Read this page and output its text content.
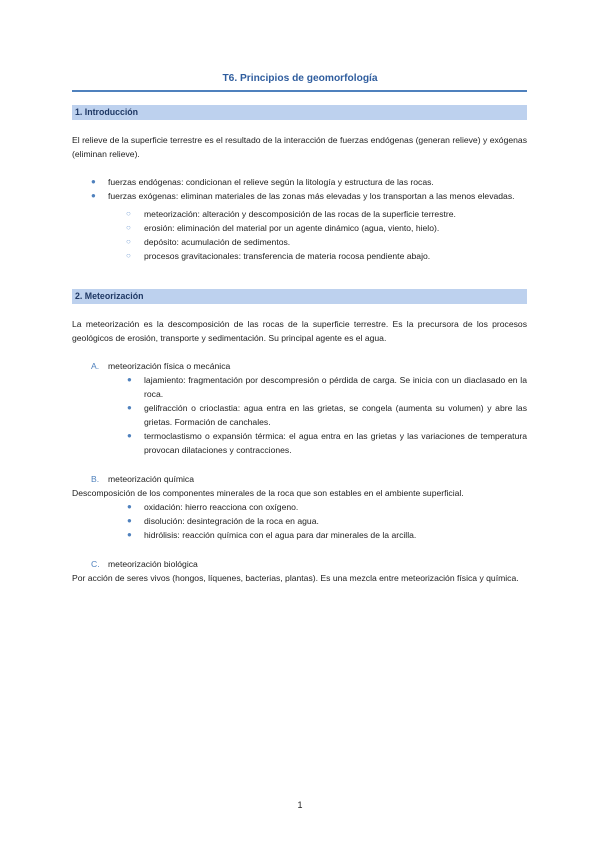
T6. Principios de geomorfología
1. Introducción
El relieve de la superficie terrestre es el resultado de la interacción de fuerzas endógenas (generan relieve) y exógenas (eliminan relieve).
● fuerzas endógenas: condicionan el relieve según la litología y estructura de las rocas.
● fuerzas exógenas: eliminan materiales de las zonas más elevadas y los transportan a las menos elevadas.
○ meteorización: alteración y descomposición de las rocas de la superficie terrestre.
○ erosión: eliminación del material por un agente dinámico (agua, viento, hielo).
○ depósito: acumulación de sedimentos.
○ procesos gravitacionales: transferencia de materia rocosa pendiente abajo.
2. Meteorización
La meteorización es la descomposición de las rocas de la superficie terrestre. Es la precursora de los procesos geológicos de erosión, transporte y sedimentación. Su principal agente es el agua.
A. meteorización física o mecánica
● lajamiento: fragmentación por descompresión o pérdida de carga. Se inicia con un diaclasado en la roca.
● gelifracción o crioclastia: agua entra en las grietas, se congela (aumenta su volumen) y abre las grietas. Formación de canchales.
● termoclastismo o expansión térmica: el agua entra en las grietas y las variaciones de temperatura provocan dilataciones y contracciones.
B. meteorización química
Descomposición de los componentes minerales de la roca que son estables en el ambiente superficial.
● oxidación: hierro reacciona con oxígeno.
● disolución: desintegración de la roca en agua.
● hidrólisis: reacción química con el agua para dar minerales de la arcilla.
C. meteorización biológica
Por acción de seres vivos (hongos, líquenes, bacterias, plantas). Es una mezcla entre meteorización física y química.
1
